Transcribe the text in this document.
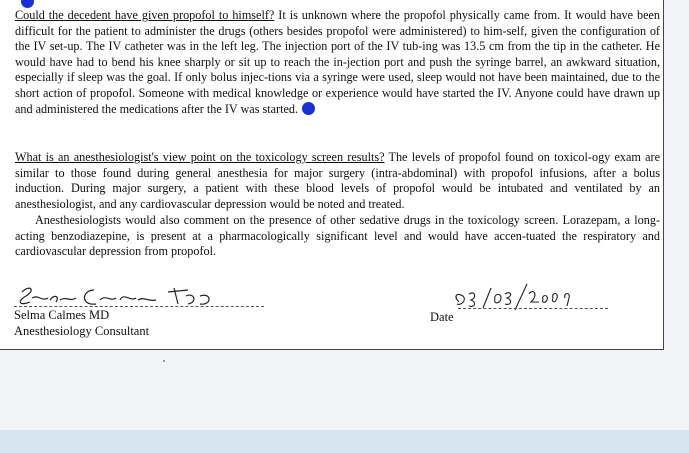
Could the decedent have given propofol to himself? It is unknown where the propofol physically came from. It would have been difficult for the patient to administer the drugs (others besides propofol were administered) to him-self, given the configuration of the IV set-up. The IV catheter was in the left leg. The injection port of the IV tub-ing was 13.5 cm from the tip in the catheter. He would have had to bend his knee sharply or sit up to reach the in-jection port and push the syringe barrel, an awkward situation, especially if sleep was the goal. If only bolus injec-tions via a syringe were used, sleep would not have been maintained, due to the short action of propofol. Someone with medical knowledge or experience would have started the IV. Anyone could have drawn up and administered the medications after the IV was started.

What is an anesthesiologist's view point on the toxicology screen results? The levels of propofol found on toxicol-ogy exam are similar to those found during general anesthesia for major surgery (intra-abdominal) with propofol infusions, after a bolus induction. During major surgery, a patient with these blood levels of propofol would be intubated and ventilated by an anesthesiologist, and any cardiovascular depression would be noted and treated.

Anesthesiologists would also comment on the presence of other sedative drugs in the toxicology screen. Lorazepam, a long-acting benzodiazepine, is present at a pharmacologically significant level and would have accen-tuated the respiratory and cardiovascular depression from propofol.

Selma Calmes MD

Anesthesiology Consultant

Date
